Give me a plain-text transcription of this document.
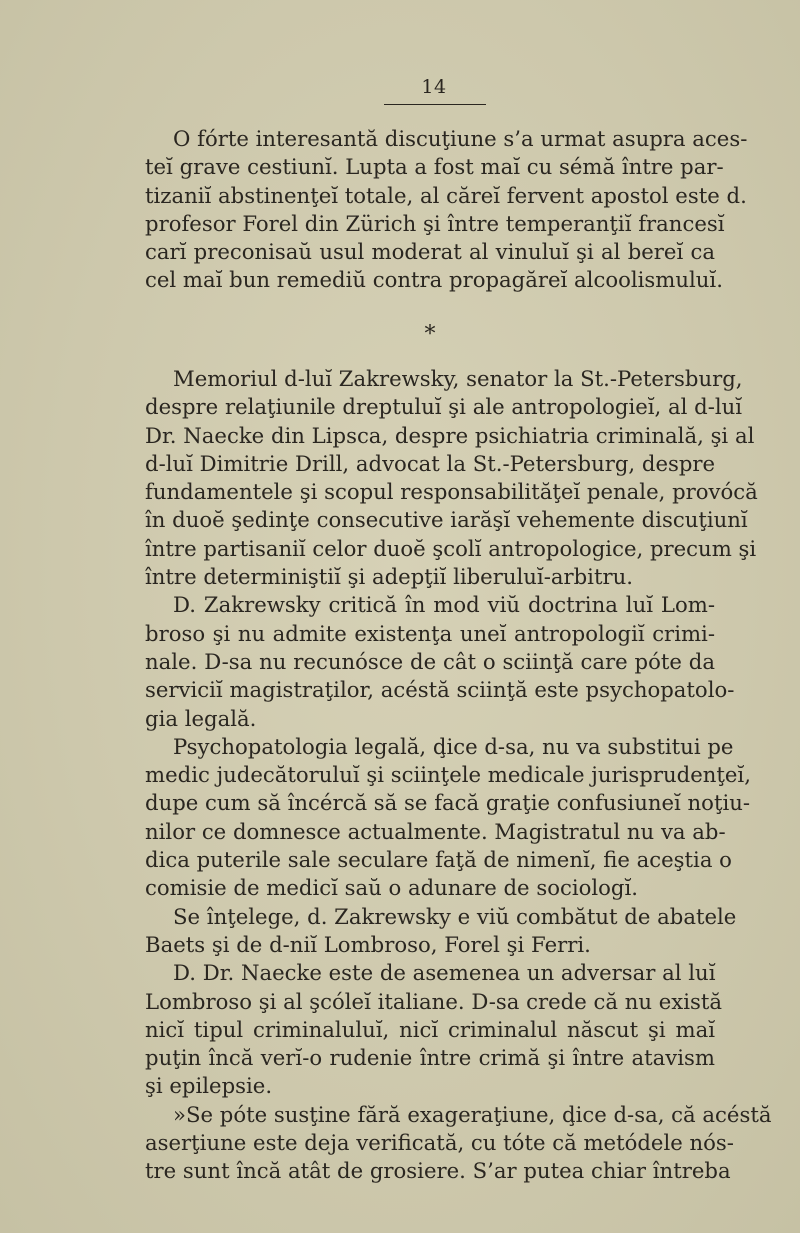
14
O fórte interesantă discuţiune s’a urmat asupra aces-
teĭ grave cestiunĭ. Lupta a fost maĭ cu sémă între par-
tizaniĭ abstinenţeĭ totale, al căreĭ fervent apostol este d.
profesor Forel din Zürich şi între temperanţiĭ francesĭ
carĭ preconisaŭ usul moderat al vinuluĭ şi al bereĭ ca
cel maĭ bun remediŭ contra propagăreĭ alcoolismuluĭ.
*
Memoriul d-luĭ Zakrewsky, senator la St.-Petersburg,
despre relaţiunile dreptuluĭ şi ale antropologieĭ, al d-luĭ
Dr. Naecke din Lipsca, despre psichiatria criminală, şi al
d-luĭ Dimitrie Drill, advocat la St.-Petersburg, despre
fundamentele şi scopul responsabilităţeĭ penale, provócă
în duoĕ şedinţe consecutive iarăşĭ vehemente discuţiunĭ
între partisaniĭ celor duoĕ şcolĭ antropologice, precum şi
între determiniştiĭ şi adepţiĭ liberuluĭ-arbitru.
D. Zakrewsky critică în mod viŭ doctrina luĭ Lom-
broso şi nu admite existenţa uneĭ antropologiĭ crimi-
nale. D-sa nu recunósce de cât o sciinţă care póte da
serviciĭ magistraţilor, acéstă sciinţă este psychopatolo-
gia legală.
Psychopatologia legală, ḑice d-sa, nu va substitui pe
medic judecătoruluĭ şi sciinţele medicale jurisprudenţeĭ,
dupe cum să încércă să se facă graţie confusiuneĭ noţiu-
nilor ce domnesce actualmente. Magistratul nu va ab-
dica puterile sale seculare faţă de nimenĭ, fie aceştia o
comisie de medicĭ saŭ o adunare de sociologĭ.
Se înţelege, d. Zakrewsky e viŭ combătut de abatele
Baets şi de d-niĭ Lombroso, Forel şi Ferri.
D. Dr. Naecke este de asemenea un adversar al luĭ
Lombroso şi al şcóleĭ italiane. D-sa crede că nu există
nicĭ tipul criminaluluĭ, nicĭ criminalul născut şi maĭ
puţin încă verĭ-o rudenie între crimă şi între atavism
şi epilepsie.
»Se póte susţine fără exageraţiune, ḑice d-sa, că acéstă
aserţiune este deja verificată, cu tóte că metódele nós-
tre sunt încă atât de grosiere. S’ar putea chiar întreba
